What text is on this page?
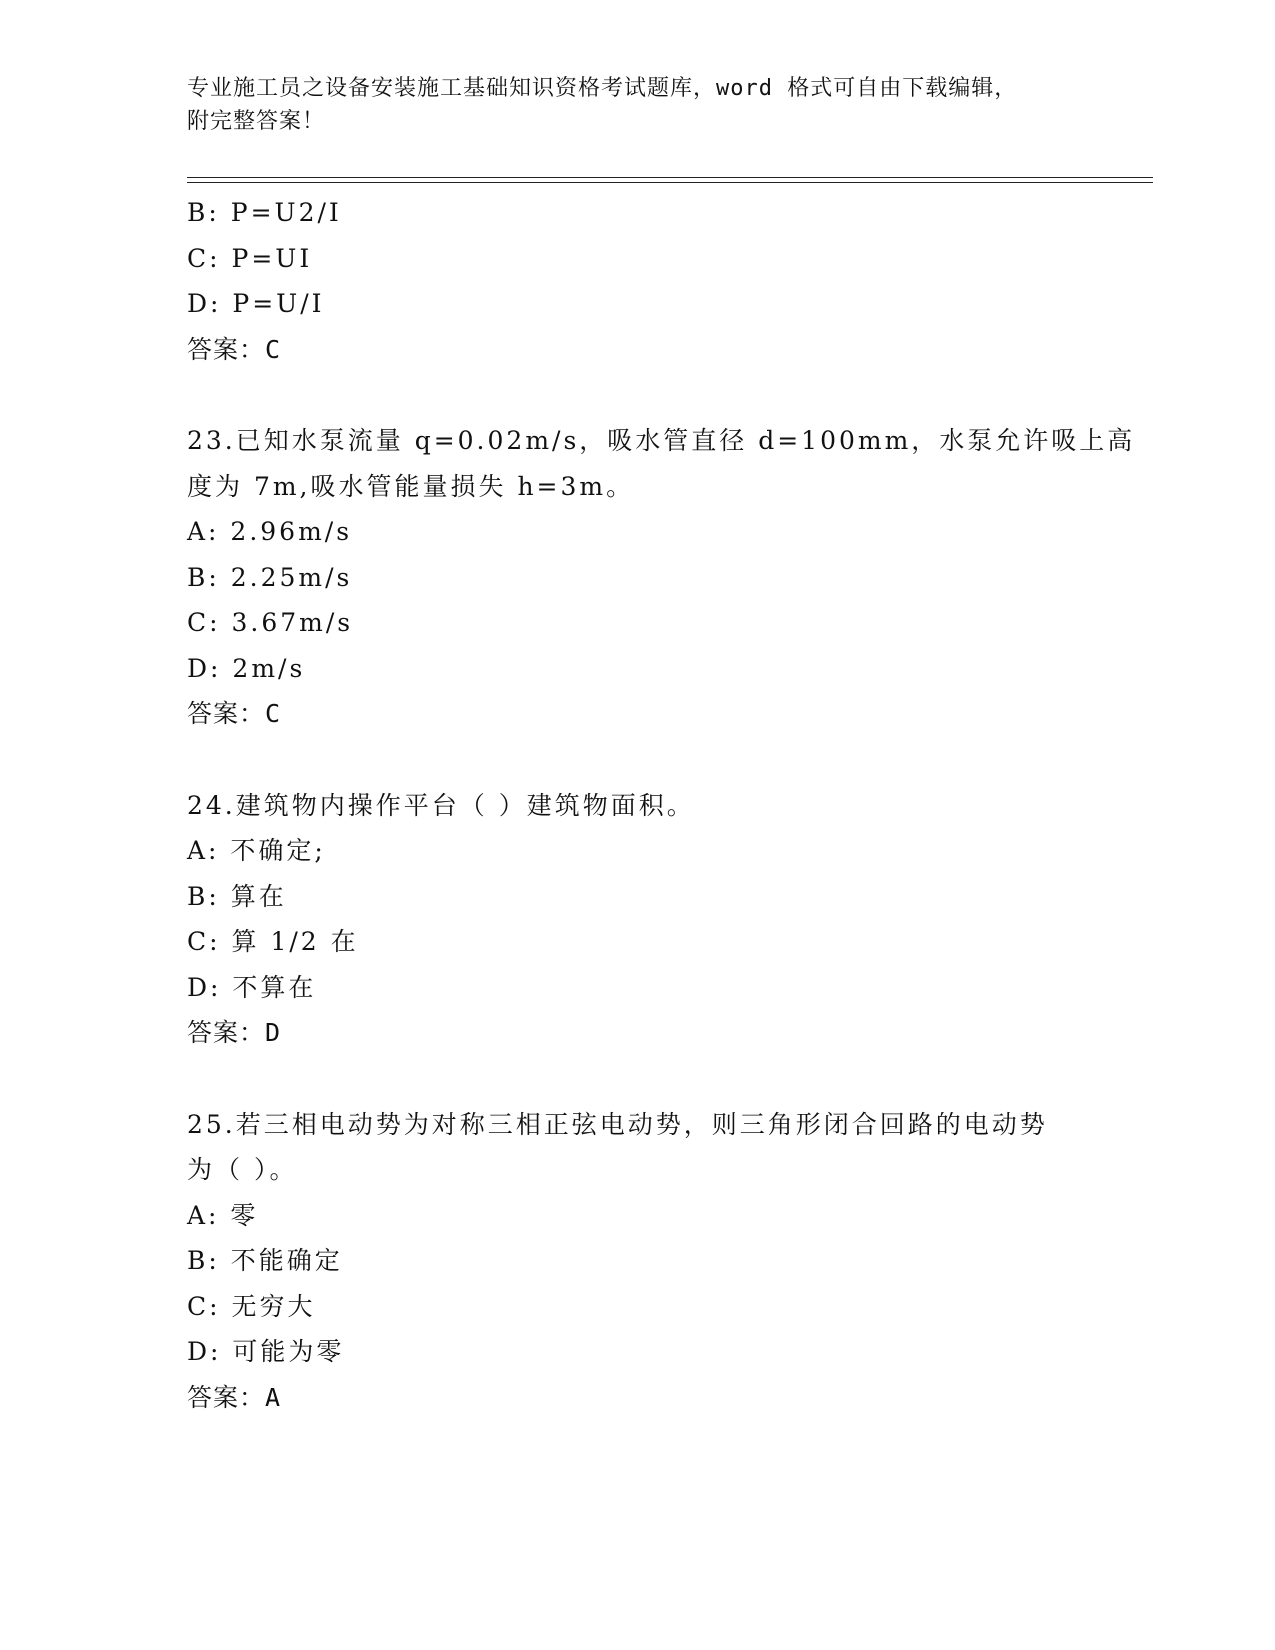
专业施工员之设备安装施工基础知识资格考试题库，word 格式可自由下载编辑，
附完整答案！
B: P=U2/I
C: P=UI
D: P=U/I
答案：C
23.已知水泵流量 q=0.02m/s，吸水管直径 d=100mm，水泵允许吸上高
度为 7m,吸水管能量损失 h=3m。
A: 2.96m/s
B: 2.25m/s
C: 3.67m/s
D: 2m/s
答案：C
24.建筑物内操作平台（ ）建筑物面积。
A: 不确定;
B: 算在
C: 算 1/2 在
D: 不算在
答案：D
25.若三相电动势为对称三相正弦电动势，则三角形闭合回路的电动势
为（ ）。
A: 零
B: 不能确定
C: 无穷大
D: 可能为零
答案：A
